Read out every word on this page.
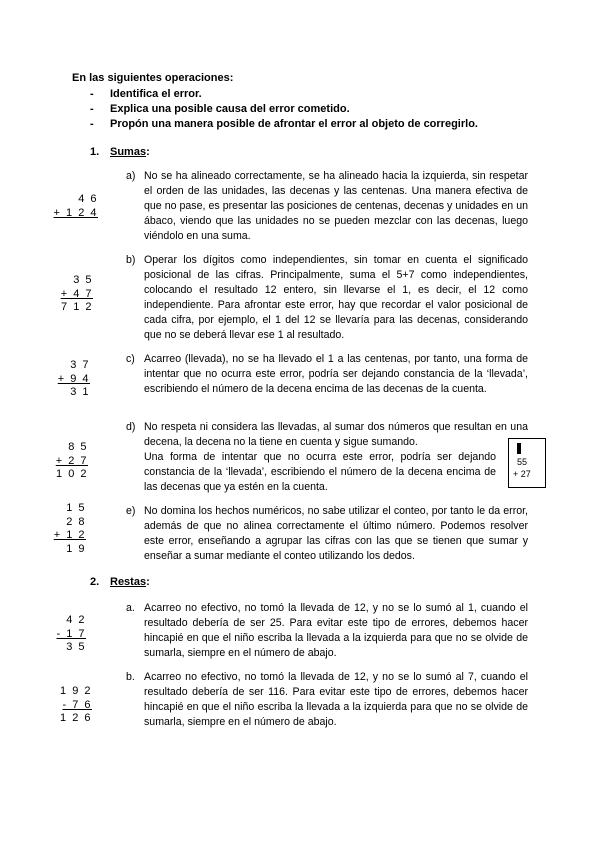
En las siguientes operaciones:
-	Identifica el error.
-	Explica una posible causa del error cometido.
-	Propón una manera posible de afrontar el error al objeto de corregirlo.
1. Sumas:
4 6
+ 1 2 4
a) No se ha alineado correctamente, se ha alineado hacia la izquierda, sin respetar el orden de las unidades, las decenas y las centenas. Una manera efectiva de que no pase, es presentar las posiciones de centenas, decenas y unidades en un ábaco, viendo que las unidades no se pueden mezclar con las decenas, luego viéndolo en una suma.
3 5
+ 4 7
7 1 2
b) Operar los dígitos como independientes, sin tomar en cuenta el significado posicional de las cifras. Principalmente, suma el 5+7 como independientes, colocando el resultado 12 entero, sin llevarse el 1, es decir, el 12 como independiente. Para afrontar este error, hay que recordar el valor posicional de cada cifra, por ejemplo, el 1 del 12 se llevaría para las decenas, considerando que no se deberá llevar ese 1 al resultado.
3 7
+ 9 4
3 1
c) Acarreo (llevada), no se ha llevado el 1 a las centenas, por tanto, una forma de intentar que no ocurra este error, podría ser dejando constancia de la ‘llevada’, escribiendo el número de la decena encima de las decenas de la cuenta.
8 5
+ 2 7
1 0 2
d) No respeta ni considera las llevadas, al sumar dos números que resultan en una decena, la decena no la tiene en cuenta y sigue sumando.

Una forma de intentar que no ocurra este error, podría ser dejando constancia de la ‘llevada’, escribiendo el número de la decena encima de las decenas que ya estén en la cuenta.
55
+ 27
1 5
2 8
+ 1 2
1 9
e) No domina los hechos numéricos, no sabe utilizar el conteo, por tanto le da error, además de que no alinea correctamente el último número. Podemos resolver este error, enseñando a agrupar las cifras con las que se tienen que sumar y enseñar a sumar mediante el conteo utilizando los dedos.
2. Restas:
4 2
- 1 7
3 5
a. Acarreo no efectivo, no tomó la llevada de 12, y no se lo sumó al 1, cuando el resultado debería de ser 25. Para evitar este tipo de errores, debemos hacer hincapié en que el niño escriba la llevada a la izquierda para que no se olvide de sumarla, siempre en el número de abajo.
1 9 2
- 7 6
1 2 6
b. Acarreo no efectivo, no tomó la llevada de 12, y no se lo sumó al 7, cuando el resultado debería de ser 116. Para evitar este tipo de errores, debemos hacer hincapié en que el niño escriba la llevada a la izquierda para que no se olvide de sumarla, siempre en el número de abajo.
